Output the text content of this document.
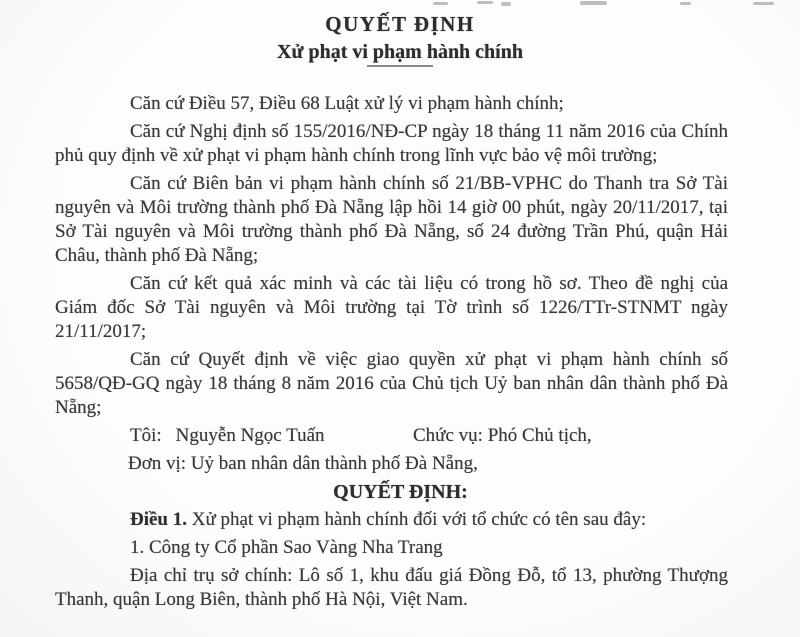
QUYẾT ĐỊNH
Xử phạt vi phạm hành chính

Căn cứ Điều 57, Điều 68 Luật xử lý vi phạm hành chính;

Căn cứ Nghị định số 155/2016/NĐ-CP ngày 18 tháng 11 năm 2016 của Chính phủ quy định về xử phạt vi phạm hành chính trong lĩnh vực bảo vệ môi trường;

Căn cứ Biên bản vi phạm hành chính số 21/BB-VPHC do Thanh tra Sở Tài nguyên và Môi trường thành phố Đà Nẵng lập hồi 14 giờ 00 phút, ngày 20/11/2017, tại Sở Tài nguyên và Môi trường thành phố Đà Nẵng, số 24 đường Trần Phú, quận Hải Châu, thành phố Đà Nẵng;

Căn cứ kết quả xác minh và các tài liệu có trong hồ sơ. Theo đề nghị của Giám đốc Sở Tài nguyên và Môi trường tại Tờ trình số 1226/TTr-STNMT ngày 21/11/2017;

Căn cứ Quyết định về việc giao quyền xử phạt vi phạm hành chính số 5658/QĐ-GQ ngày 18 tháng 8 năm 2016 của Chủ tịch Uỷ ban nhân dân thành phố Đà Nẵng;

Tôi: Nguyễn Ngọc Tuấn	Chức vụ: Phó Chủ tịch,

Đơn vị: Uỷ ban nhân dân thành phố Đà Nẵng,

QUYẾT ĐỊNH:

Điều 1. Xử phạt vi phạm hành chính đối với tổ chức có tên sau đây:

1. Công ty Cổ phần Sao Vàng Nha Trang

Địa chỉ trụ sở chính: Lô số 1, khu đấu giá Đồng Đỗ, tổ 13, phường Thượng Thanh, quận Long Biên, thành phố Hà Nội, Việt Nam.
